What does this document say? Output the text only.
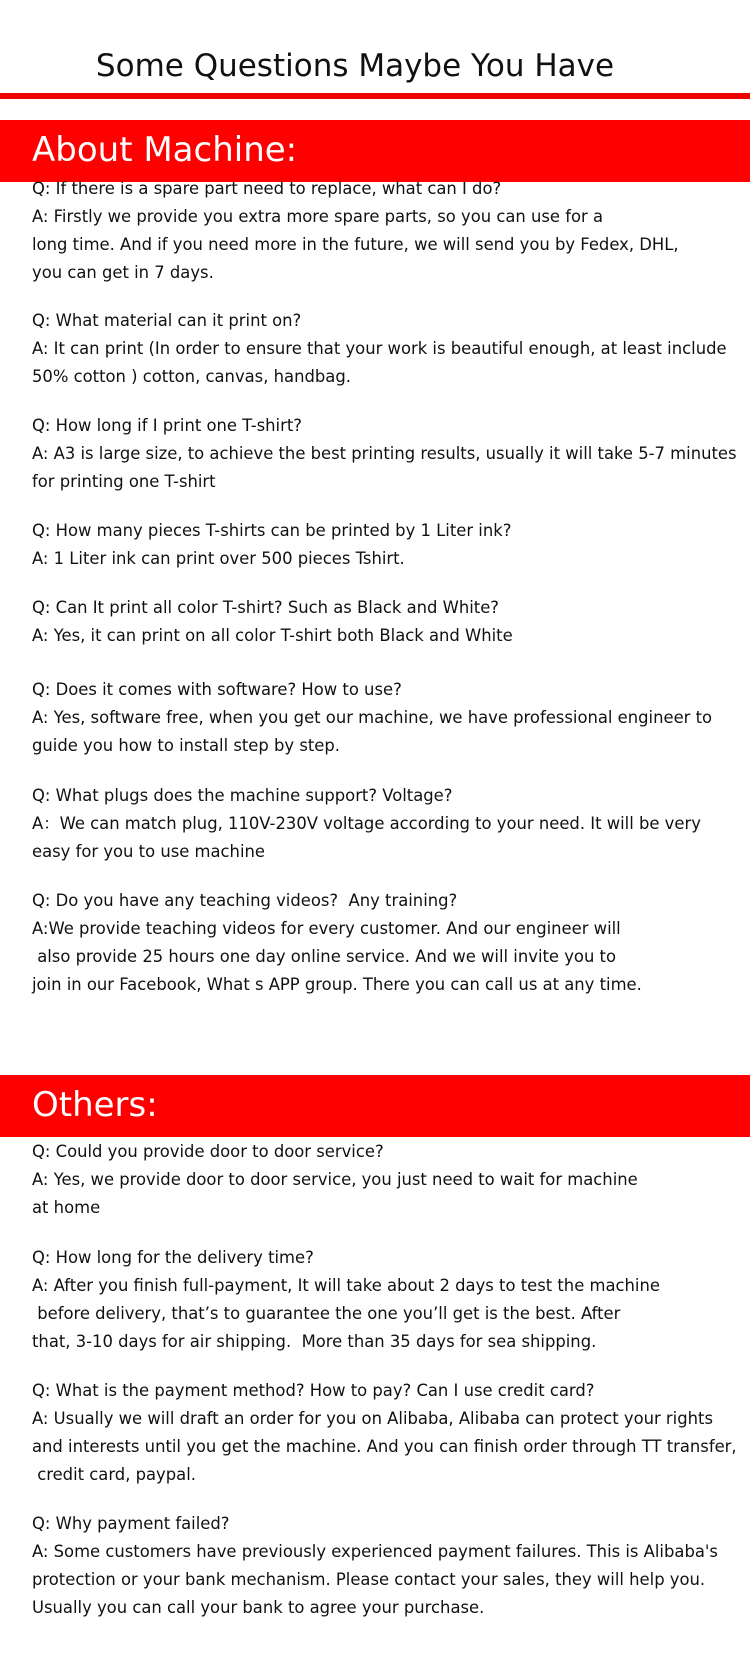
Some Questions Maybe You Have
About Machine:
Q: If there is a spare part need to replace, what can I do?
A: Firstly we provide you extra more spare parts, so you can use for a
long time. And if you need more in the future, we will send you by Fedex, DHL,
you can get in 7 days.
Q: What material can it print on?
A: It can print (In order to ensure that your work is beautiful enough, at least include
50% cotton ) cotton, canvas, handbag.
Q: How long if I print one T-shirt?
A: A3 is large size, to achieve the best printing results, usually it will take 5-7 minutes
for printing one T-shirt
Q: How many pieces T-shirts can be printed by 1 Liter ink?
A: 1 Liter ink can print over 500 pieces Tshirt.
Q: Can It print all color T-shirt? Such as Black and White?
A: Yes, it can print on all color T-shirt both Black and White
Q: Does it comes with software? How to use?
A: Yes, software free, when you get our machine, we have professional engineer to
guide you how to install step by step.
Q: What plugs does the machine support? Voltage?
A：We can match plug, 110V-230V voltage according to your need. It will be very
easy for you to use machine
Q: Do you have any teaching videos?  Any training?
A:We provide teaching videos for every customer. And our engineer will
also provide 25 hours one day online service. And we will invite you to
join in our Facebook, What s APP group. There you can call us at any time.
Others:
Q: Could you provide door to door service?
A: Yes, we provide door to door service, you just need to wait for machine
at home
Q: How long for the delivery time?
A: After you finish full-payment, It will take about 2 days to test the machine
before delivery, that’s to guarantee the one you’ll get is the best. After
that, 3-10 days for air shipping.  More than 35 days for sea shipping.
Q: What is the payment method? How to pay? Can I use credit card?
A: Usually we will draft an order for you on Alibaba, Alibaba can protect your rights
and interests until you get the machine. And you can finish order through TT transfer,
credit card, paypal.
Q: Why payment failed?
A: Some customers have previously experienced payment failures. This is Alibaba's
protection or your bank mechanism. Please contact your sales, they will help you.
Usually you can call your bank to agree your purchase.
